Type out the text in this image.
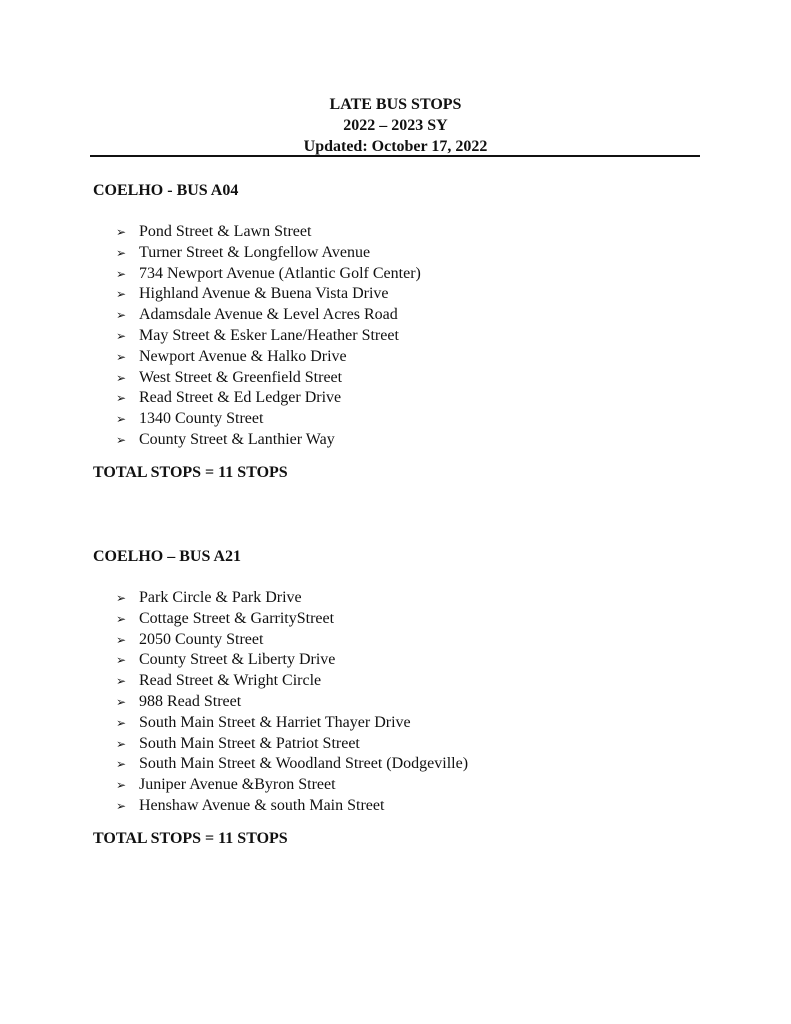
LATE BUS STOPS
2022 – 2023 SY
Updated: October 17, 2022
COELHO - BUS A04
➢ Pond Street & Lawn Street
➢ Turner Street & Longfellow Avenue
➢ 734 Newport Avenue (Atlantic Golf Center)
➢ Highland Avenue & Buena Vista Drive
➢ Adamsdale Avenue & Level Acres Road
➢ May Street & Esker Lane/Heather Street
➢ Newport Avenue & Halko Drive
➢ West Street & Greenfield Street
➢ Read Street & Ed Ledger Drive
➢ 1340 County Street
➢ County Street & Lanthier Way
TOTAL STOPS = 11 STOPS
COELHO – BUS A21
➢ Park Circle & Park Drive
➢ Cottage Street & GarrityStreet
➢ 2050 County Street
➢ County Street & Liberty Drive
➢ Read Street & Wright Circle
➢ 988 Read Street
➢ South Main Street & Harriet Thayer Drive
➢ South Main Street & Patriot Street
➢ South Main Street & Woodland Street (Dodgeville)
➢ Juniper Avenue &Byron Street
➢ Henshaw Avenue & south Main Street
TOTAL STOPS = 11 STOPS
